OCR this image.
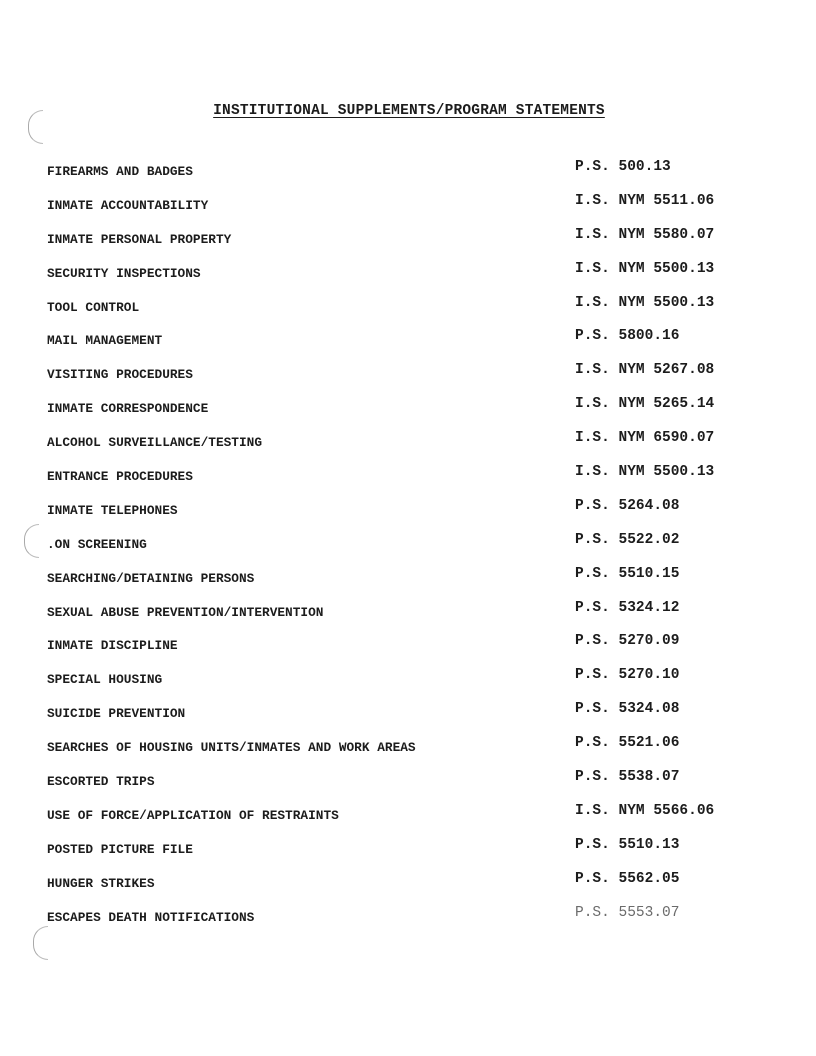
INSTITUTIONAL SUPPLEMENTS/PROGRAM STATEMENTS
FIREARMS AND BADGES	P.S. 500.13
INMATE ACCOUNTABILITY	I.S. NYM 5511.06
INMATE PERSONAL PROPERTY	I.S. NYM 5580.07
SECURITY INSPECTIONS	I.S. NYM 5500.13
TOOL CONTROL	I.S. NYM 5500.13
MAIL MANAGEMENT	P.S. 5800.16
VISITING PROCEDURES	I.S. NYM 5267.08
INMATE CORRESPONDENCE	I.S. NYM 5265.14
ALCOHOL SURVEILLANCE/TESTING	I.S. NYM 6590.07
ENTRANCE PROCEDURES	I.S. NYM 5500.13
INMATE TELEPHONES	P.S. 5264.08
.ON SCREENING	P.S. 5522.02
SEARCHING/DETAINING PERSONS	P.S. 5510.15
SEXUAL ABUSE PREVENTION/INTERVENTION	P.S. 5324.12
INMATE DISCIPLINE	P.S. 5270.09
SPECIAL HOUSING	P.S. 5270.10
SUICIDE PREVENTION	P.S. 5324.08
SEARCHES OF HOUSING UNITS/INMATES AND WORK AREAS	P.S. 5521.06
ESCORTED TRIPS	P.S. 5538.07
USE OF FORCE/APPLICATION OF RESTRAINTS	I.S. NYM 5566.06
POSTED PICTURE FILE	P.S. 5510.13
HUNGER STRIKES	P.S. 5562.05
ESCAPES DEATH NOTIFICATIONS	P.S. 5553.07
